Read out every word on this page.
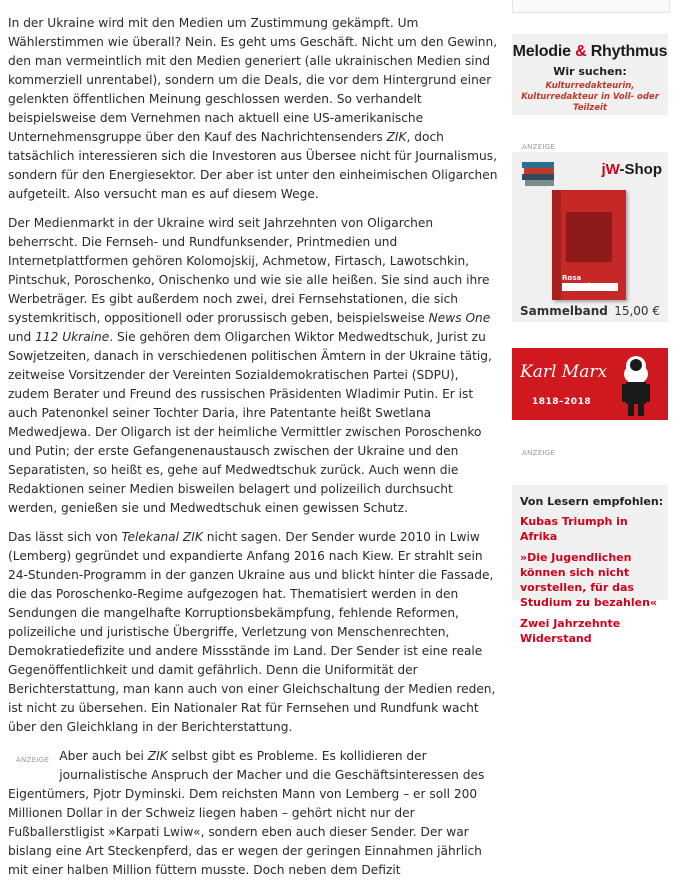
In der Ukraine wird mit den Medien um Zustimmung gekämpft. Um Wählerstimmen wie überall? Nein. Es geht ums Geschäft. Nicht um den Gewinn, den man vermeintlich mit den Medien generiert (alle ukrainischen Medien sind kommerziell unrentabel), sondern um die Deals, die vor dem Hintergrund einer gelenkten öffentlichen Meinung geschlossen werden. So verhandelt beispielsweise dem Vernehmen nach aktuell eine US-amerikanische Unternehmensgruppe über den Kauf des Nachrichtensenders ZIK, doch tatsächlich interessieren sich die Investoren aus Übersee nicht für Journalismus, sondern für den Energiesektor. Der aber ist unter den einheimischen Oligarchen aufgeteilt. Also versucht man es auf diesem Wege.

Der Medienmarkt in der Ukraine wird seit Jahrzehnten von Oligarchen beherrscht. Die Fernseh- und Rundfunksender, Printmedien und Internetplattformen gehören Kolomojskij, Achmetow, Firtasch, Lawotschkin, Pintschuk, Poroschenko, Onischenko und wie sie alle heißen. Sie sind auch ihre Werbeträger. Es gibt außerdem noch zwei, drei Fernsehstationen, die sich systemkritisch, oppositionell oder prorussisch geben, beispielsweise News One und 112 Ukraine. Sie gehören dem Oligarchen Wiktor Medwedtschuk, Jurist zu Sowjetzeiten, danach in verschiedenen politischen Ämtern in der Ukraine tätig, zeitweise Vorsitzender der Vereinten Sozialdemokratischen Partei (SDPU), zudem Berater und Freund des russischen Präsidenten Wladimir Putin. Er ist auch Patenonkel seiner Tochter Daria, ihre Patentante heißt Swetlana Medwedjewa. Der Oligarch ist der heimliche Vermittler zwischen Poroschenko und Putin; der erste Gefangenenaustausch zwischen der Ukraine und den Separatisten, so heißt es, gehe auf Medwedtschuk zurück. Auch wenn die Redaktionen seiner Medien bisweilen belagert und polizeilich durchsucht werden, genießen sie und Medwedtschuk einen gewissen Schutz.

Das lässt sich von Telekanal ZIK nicht sagen. Der Sender wurde 2010 in Lwiw (Lemberg) gegründet und expandierte Anfang 2016 nach Kiew. Er strahlt sein 24-Stunden-Programm in der ganzen Ukraine aus und blickt hinter die Fassade, die das Poroschenko-Regime aufgezogen hat. Thematisiert werden in den Sendungen die mangelhafte Korruptionsbekämpfung, fehlende Reformen, polizeiliche und juristische Übergriffe, Verletzung von Menschenrechten, Demokratiedefizite und andere Missstände im Land. Der Sender ist eine reale Gegenöffentlichkeit und damit gefährlich. Denn die Uniformität der Berichterstattung, man kann auch von einer Gleichschaltung der Medien reden, ist nicht zu übersehen. Ein Nationaler Rat für Fernsehen und Rundfunk wacht über den Gleichklang in der Berichterstattung.

ANZEIGE Aber auch bei ZIK selbst gibt es Probleme. Es kollidieren der journalistische Anspruch der Macher und die Geschäftsinteressen des Eigentümers, Pjotr Dyminski. Dem reichsten Mann von Lemberg – er soll 200 Millionen Dollar in der Schweiz liegen haben – gehört nicht nur der Fußballerstligist »Karpati Lwiw«, sondern eben auch dieser Sender. Der war bislang eine Art Steckenpferd, das er wegen der geringen Einnahmen jährlich mit einer halben Million füttern musste. Doch neben dem Defizit

Melodie & Rhythmus
Wir suchen:
Kulturredakteurin, Kulturredakteur in Voll- oder Teilzeit
ANZEIGE
jW-Shop
Rosa
Sammelband 15,00 €
Karl Marx
1818–2018
ANZEIGE
Von Lesern empfohlen:
Kubas Triumph in Afrika
»Die Jugendlichen können sich nicht vorstellen, für das Studium zu bezahlen«
Zwei Jahrzehnte Widerstand
